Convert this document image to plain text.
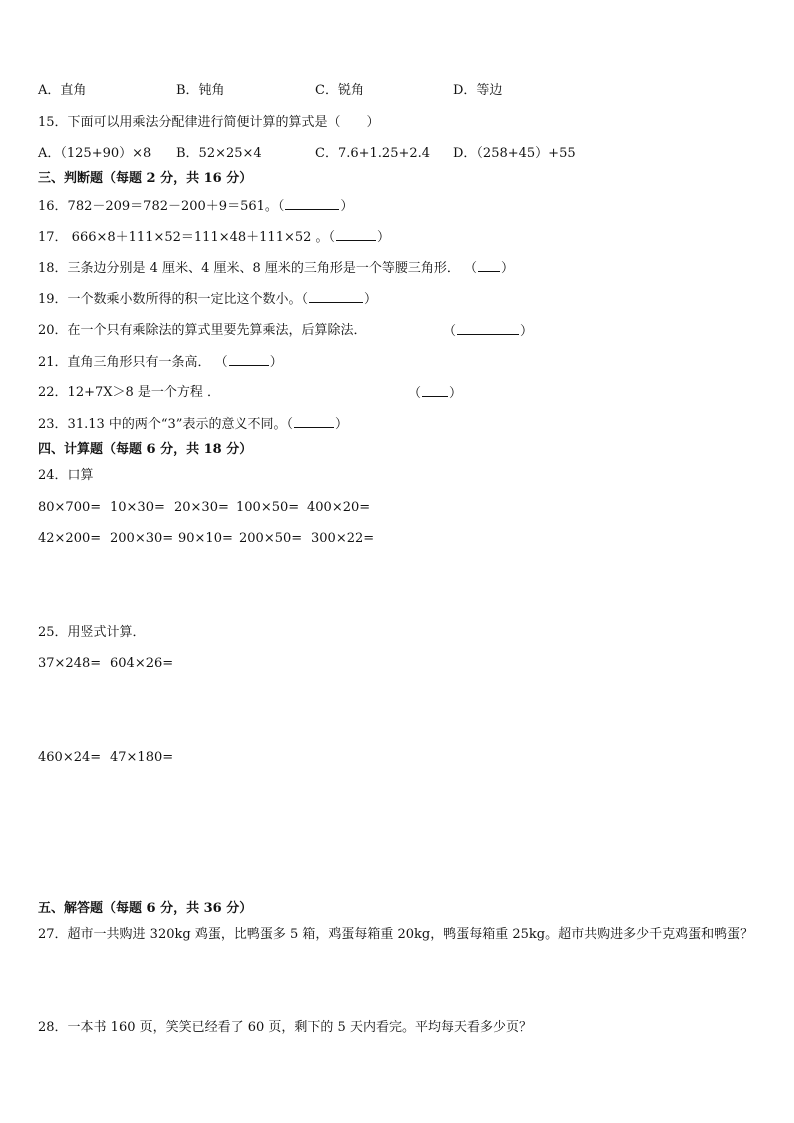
A．直角	B．钝角	C．锐角	D．等边
15．下面可以用乘法分配律进行简便计算的算式是（　　）
A．（125+90）×8 B．52×25×4	C．7.6+1.25+2.4 D．（258+45）+55
三、判断题（每题 2 分，共 16 分）
16．782－209＝782－200＋9＝561。（	）
17． 666×8＋111×52＝111×48＋111×52 。（	）
18．三条边分别是 4 厘米、4 厘米、8 厘米的三角形是一个等腰三角形． （ ）
19．一个数乘小数所得的积一定比这个数小。（	）
20．在一个只有乘除法的算式里要先算乘法，后算除法．	（	）
21．直角三角形只有一条高． （	）
22．12+7X＞8 是一个方程 ．	（ ）
23．31.13 中的两个“3”表示的意义不同。（	）
四、计算题（每题 6 分，共 18 分）
24．口算
80×700= 10×30= 20×30= 100×50= 400×20=
42×200= 200×30= 90×10= 200×50= 300×22=
25．用竖式计算．
37×248= 604×26=
460×24= 47×180=
五、解答题（每题 6 分，共 36 分）
27．超市一共购进 320kg 鸡蛋，比鸭蛋多 5 箱，鸡蛋每箱重 20kg，鸭蛋每箱重 25kg。超市共购进多少千克鸡蛋和鸭蛋？
28．一本书 160 页，笑笑已经看了 60 页，剩下的 5 天内看完。平均每天看多少页？
